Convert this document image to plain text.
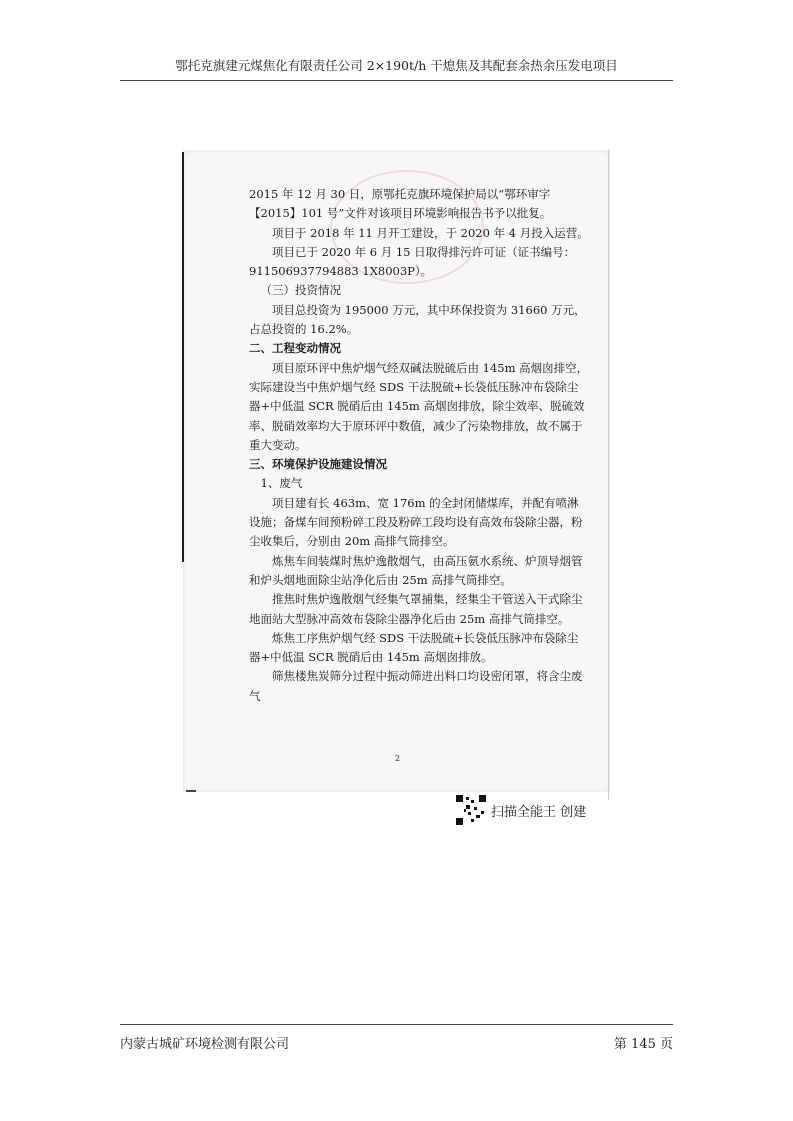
鄂托克旗建元煤焦化有限责任公司 2×190t/h 干熄焦及其配套余热余压发电项目

2015 年 12 月 30 日，原鄂托克旗环境保护局以“鄂环审字【2015】101 号”文件对该项目环境影响报告书予以批复。

项目于 2018 年 11 月开工建设，于 2020 年 4 月投入运营。

项目已于 2020 年 6 月 15 日取得排污许可证（证书编号：911506937794883 1X8003P）。

（三）投资情况

项目总投资为 195000 万元，其中环保投资为 31660 万元，占总投资的 16.2%。

二、工程变动情况

项目原环评中焦炉烟气经双碱法脱硫后由 145m 高烟囱排空，实际建设当中焦炉烟气经 SDS 干法脱硫+长袋低压脉冲布袋除尘器+中低温 SCR 脱硝后由 145m 高烟囱排放，除尘效率、脱硫效率、脱硝效率均大于原环评中数值，减少了污染物排放，故不属于重大变动。

三、环境保护设施建设情况

1、废气

项目建有长 463m、宽 176m 的全封闭储煤库，并配有喷淋设施；备煤车间预粉碎工段及粉碎工段均设有高效布袋除尘器，粉尘收集后，分别由 20m 高排气筒排空。

炼焦车间装煤时焦炉逸散烟气，由高压氨水系统、炉顶导烟管和炉头烟地面除尘站净化后由 25m 高排气筒排空。

推焦时焦炉逸散烟气经集气罩捕集，经集尘干管送入干式除尘地面站大型脉冲高效布袋除尘器净化后由 25m 高排气筒排空。

炼焦工序焦炉烟气经 SDS 干法脱硫+长袋低压脉冲布袋除尘器+中低温 SCR 脱硝后由 145m 高烟囱排放。

筛焦楼焦炭筛分过程中振动筛进出料口均设密闭罩，将含尘废气

2
扫描全能王 创建
内蒙古城矿环境检测有限公司	第 145 页
